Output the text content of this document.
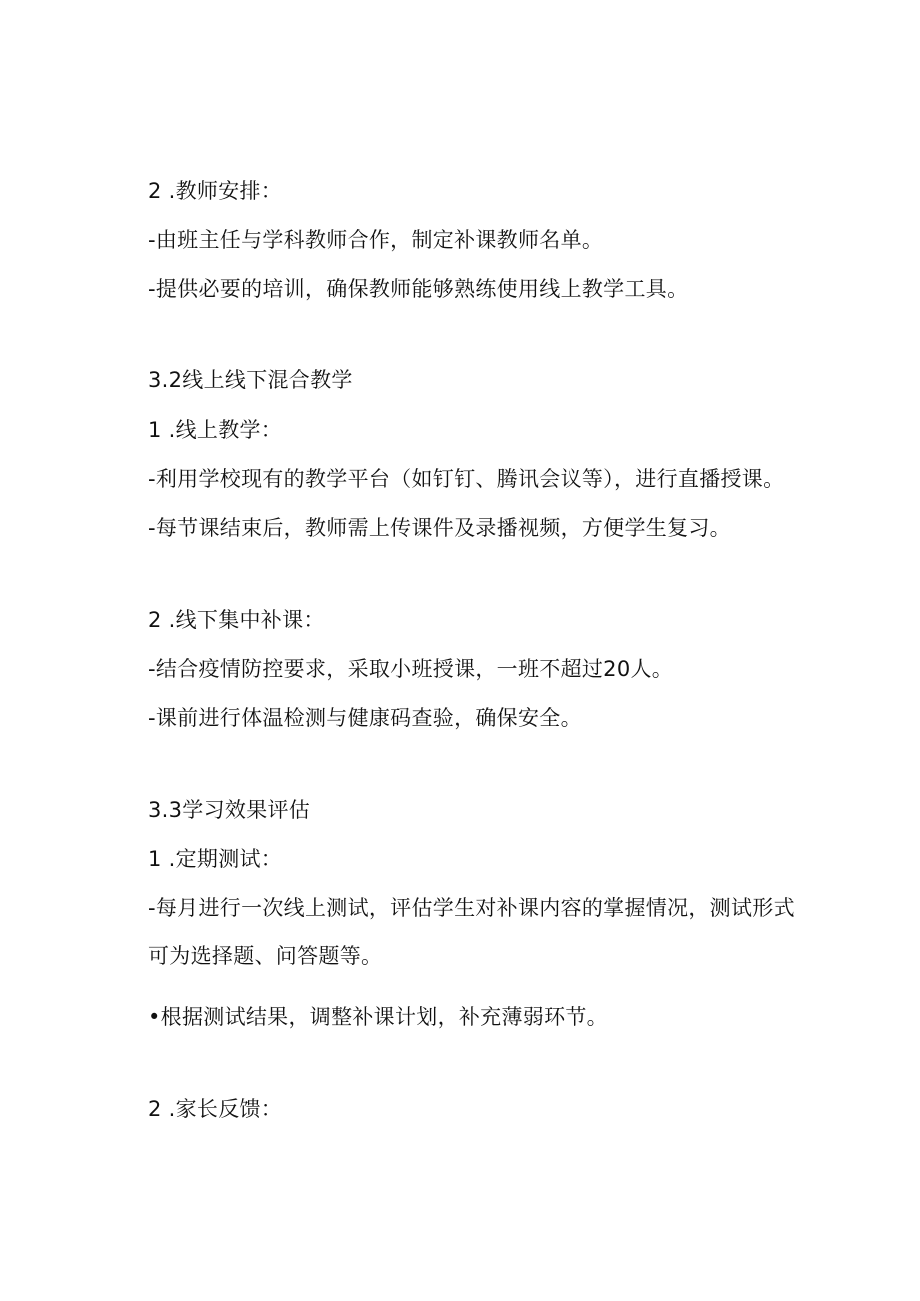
2 .教师安排：
-由班主任与学科教师合作，制定补课教师名单。
-提供必要的培训，确保教师能够熟练使用线上教学工具。
3.2线上线下混合教学
1 .线上教学：
-利用学校现有的教学平台（如钉钉、腾讯会议等），进行直播授课。
-每节课结束后，教师需上传课件及录播视频，方便学生复习。
2 .线下集中补课：
-结合疫情防控要求，采取小班授课，一班不超过20人。
-课前进行体温检测与健康码查验，确保安全。
3.3学习效果评估
1 .定期测试：
-每月进行一次线上测试，评估学生对补课内容的掌握情况，测试形式
可为选择题、问答题等。
•根据测试结果，调整补课计划，补充薄弱环节。
2 .家长反馈：
